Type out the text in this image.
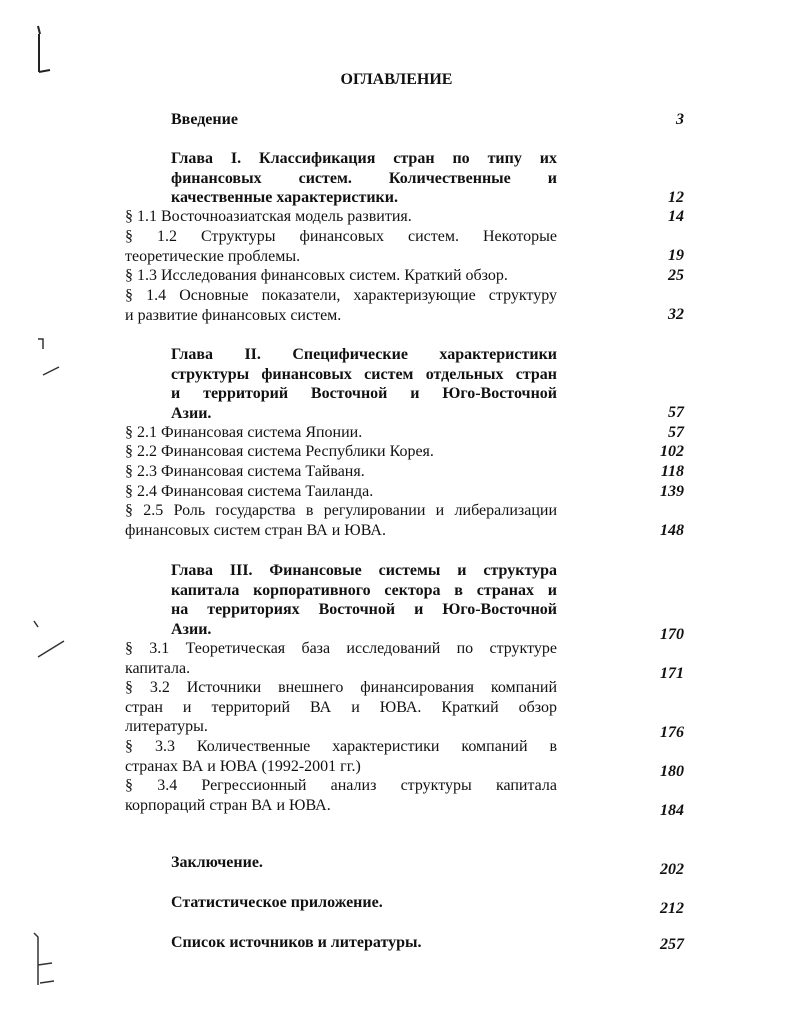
ОГЛАВЛЕНИЕ
Введение	3
Глава I. Классификация стран по типу их
финансовых систем. Количественные и
качественные характеристики.	12
§ 1.1 Восточноазиатская модель развития.	14
§ 1.2 Структуры финансовых систем. Некоторые
теоретические проблемы.	19
§ 1.3 Исследования финансовых систем. Краткий обзор.	25
§ 1.4 Основные показатели, характеризующие структуру
и развитие финансовых систем.	32
Глава II. Специфические характеристики
структуры финансовых систем отдельных стран
и территорий Восточной и Юго-Восточной
Азии.	57
§ 2.1 Финансовая система Японии.	57
§ 2.2 Финансовая система Республики Корея.	102
§ 2.3 Финансовая система Тайваня.	118
§ 2.4 Финансовая система Таиланда.	139
§ 2.5 Роль государства в регулировании и либерализации
финансовых систем стран ВА и ЮВА.	148
Глава III. Финансовые системы и структура
капитала корпоративного сектора в странах и
на территориях Восточной и Юго-Восточной
Азии.	170
§ 3.1 Теоретическая база исследований по структуре
капитала.	171
§ 3.2 Источники внешнего финансирования компаний
стран и территорий ВА и ЮВА. Краткий обзор
литературы.	176
§ 3.3 Количественные характеристики компаний в
странах ВА и ЮВА (1992-2001 гг.)	180
§ 3.4 Регрессионный анализ структуры капитала
корпораций стран ВА и ЮВА.	184
Заключение.	202
Статистическое приложение.	212
Список источников и литературы.	257
